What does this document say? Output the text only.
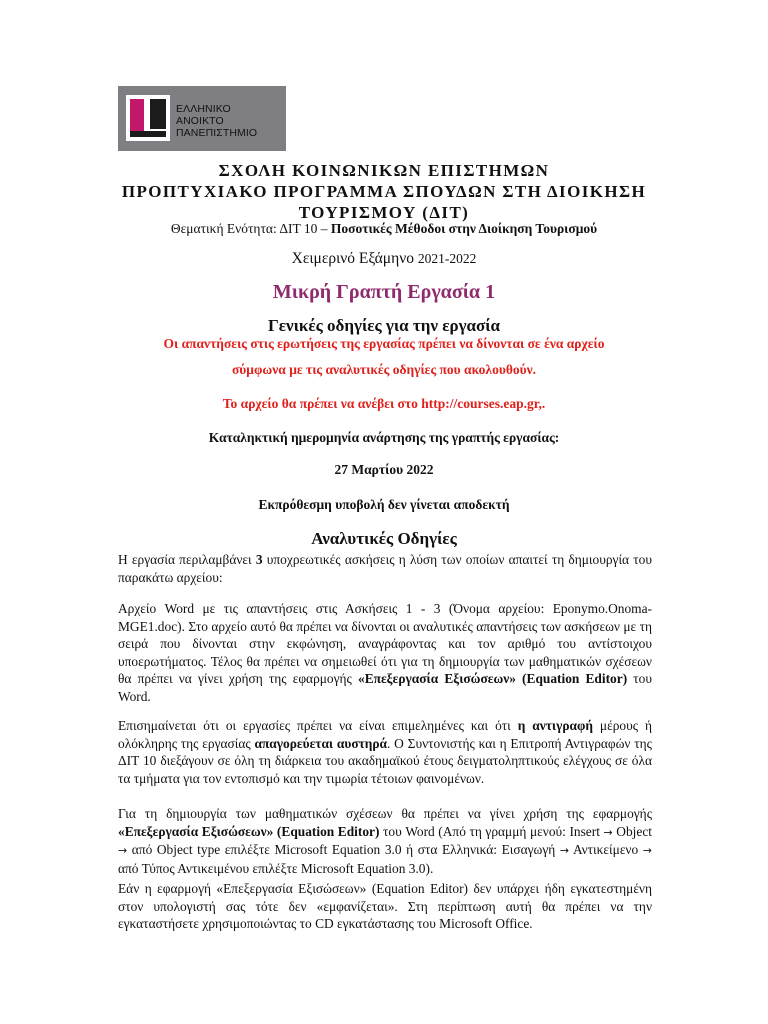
ΕΛΛΗΝΙΚΟ
ΑΝΟΙΚΤΟ
ΠΑΝΕΠΙΣΤΗΜΙΟ
ΣΧΟΛΗ ΚΟΙΝΩΝΙΚΩΝ ΕΠΙΣΤΗΜΩΝ
ΠΡΟΠΤΥΧΙΑΚΟ ΠΡΟΓΡΑΜΜΑ ΣΠΟΥΔΩΝ ΣΤΗ ΔΙΟΙΚΗΣΗ
ΤΟΥΡΙΣΜΟΥ (ΔΙΤ)
Θεματική Ενότητα: ΔΙΤ 10 – Ποσοτικές Μέθοδοι στην Διοίκηση Τουρισμού
Χειμερινό Εξάμηνο 2021-2022
Μικρή Γραπτή Εργασία 1
Γενικές οδηγίες για την εργασία
Οι απαντήσεις στις ερωτήσεις της εργασίας πρέπει να δίνονται σε ένα αρχείο
σύμφωνα με τις αναλυτικές οδηγίες που ακολουθούν.
Το αρχείο θα πρέπει να ανέβει στο http://courses.eap.gr,.
Καταληκτική ημερομηνία ανάρτησης της γραπτής εργασίας:
27 Μαρτίου 2022
Εκπρόθεσμη υποβολή δεν γίνεται αποδεκτή
Αναλυτικές Οδηγίες

Η εργασία περιλαμβάνει 3 υποχρεωτικές ασκήσεις η λύση των οποίων απαιτεί τη δημιουργία του παρακάτω αρχείου:

Αρχείο Word με τις απαντήσεις στις Ασκήσεις 1 - 3 (Όνομα αρχείου: Eponymo.Onoma-MGE1.doc). Στο αρχείο αυτό θα πρέπει να δίνονται οι αναλυτικές απαντήσεις των ασκήσεων με τη σειρά που δίνονται στην εκφώνηση, αναγράφοντας και τον αριθμό του αντίστοιχου υποερωτήματος. Τέλος θα πρέπει να σημειωθεί ότι για τη δημιουργία των μαθηματικών σχέσεων θα πρέπει να γίνει χρήση της εφαρμογής «Επεξεργασία Εξισώσεων» (Equation Editor) του Word.

Επισημαίνεται ότι οι εργασίες πρέπει να είναι επιμελημένες και ότι η αντιγραφή μέρους ή ολόκληρης της εργασίας απαγορεύεται αυστηρά. Ο Συντονιστής και η Επιτροπή Αντιγραφών της ΔΙΤ 10 διεξάγουν σε όλη τη διάρκεια του ακαδημαϊκού έτους δειγματοληπτικούς ελέγχους σε όλα τα τμήματα για τον εντοπισμό και την τιμωρία τέτοιων φαινομένων.

Για τη δημιουργία των μαθηματικών σχέσεων θα πρέπει να γίνει χρήση της εφαρμογής «Επεξεργασία Εξισώσεων» (Equation Editor) του Word (Από τη γραμμή μενού: Insert → Object → από Object type επιλέξτε Microsoft Equation 3.0 ή στα Ελληνικά: Εισαγωγή → Αντικείμενο → από Τύπος Αντικειμένου επιλέξτε Microsoft Equation 3.0).

Εάν η εφαρμογή «Επεξεργασία Εξισώσεων» (Equation Editor) δεν υπάρχει ήδη εγκατεστημένη στον υπολογιστή σας τότε δεν «εμφανίζεται». Στη περίπτωση αυτή θα πρέπει να την εγκαταστήσετε χρησιμοποιώντας το CD εγκατάστασης του Microsoft Office.
